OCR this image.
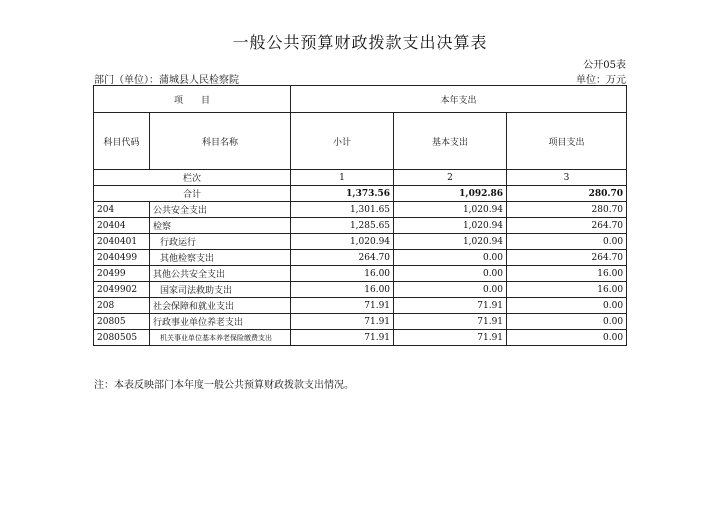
一般公共预算财政拨款支出决算表
公开05表
部门（单位）：蒲城县人民检察院	单位：万元
项　　目		本年支出		
科目代码	科目名称	小计	基本支出	项目支出
栏次		1	2	3
合计		1,373.56	1,092.86	280.70
204	公共安全支出	1,301.65	1,020.94	280.70
20404	检察	1,285.65	1,020.94	264.70
2040401	行政运行	1,020.94	1,020.94	0.00
2040499	其他检察支出	264.70	0.00	264.70
20499	其他公共安全支出	16.00	0.00	16.00
2049902	国家司法救助支出	16.00	0.00	16.00
208	社会保障和就业支出	71.91	71.91	0.00
20805	行政事业单位养老支出	71.91	71.91	0.00
2080505	机关事业单位基本养老保险缴费支出	71.91	71.91	0.00
注：本表反映部门本年度一般公共预算财政拨款支出情况。
